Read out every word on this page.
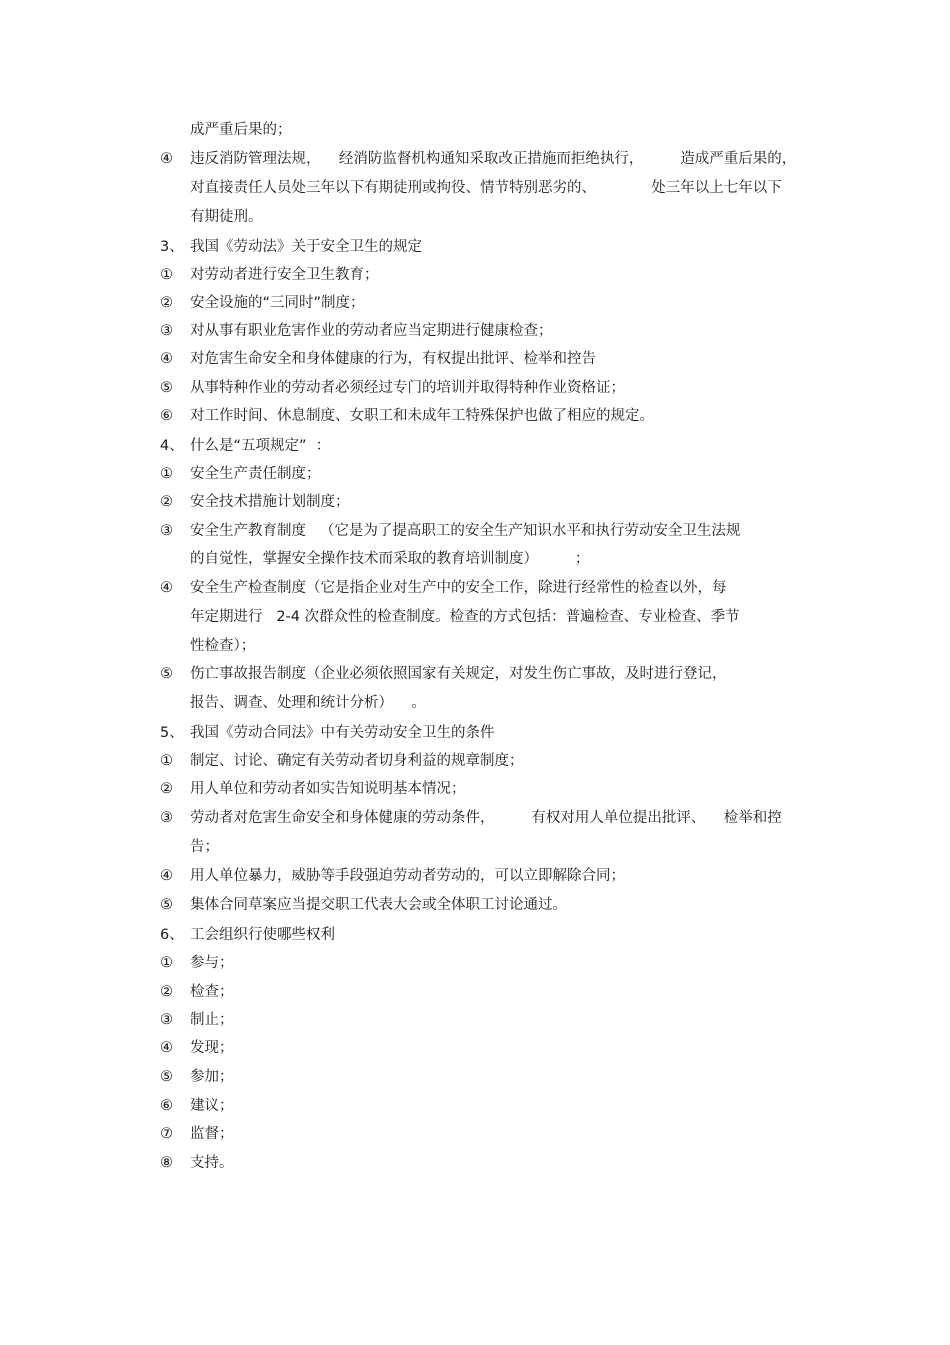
成严重后果的；
④ 违反消防管理法规，    经消防监督机构通知采取改正措施而拒绝执行，        造成严重后果的，
对直接责任人员处三年以下有期徒刑或拘役、情节特别恶劣的、            处三年以上七年以下
有期徒刑。
3、 我国《劳动法》关于安全卫生的规定
① 对劳动者进行安全卫生教育；
② 安全设施的“三同时”制度；
③ 对从事有职业危害作业的劳动者应当定期进行健康检查；
④ 对危害生命安全和身体健康的行为，有权提出批评、检举和控告
⑤ 从事特种作业的劳动者必须经过专门的培训并取得特种作业资格证；
⑥ 对工作时间、休息制度、女职工和未成年工特殊保护也做了相应的规定。
4、 什么是“五项规定”  ：
① 安全生产责任制度；
② 安全技术措施计划制度；
③ 安全生产教育制度   （它是为了提高职工的安全生产知识水平和执行劳动安全卫生法规
的自觉性，掌握安全操作技术而采取的教育培训制度）        ；
④ 安全生产检查制度（它是指企业对生产中的安全工作，除进行经常性的检查以外，每
年定期进行   2-4 次群众性的检查制度。检查的方式包括：普遍检查、专业检查、季节
性检查）；
⑤ 伤亡事故报告制度（企业必须依照国家有关规定，对发生伤亡事故，及时进行登记，
报告、调查、处理和统计分析）    。
5、 我国《劳动合同法》中有关劳动安全卫生的条件
① 制定、讨论、确定有关劳动者切身利益的规章制度；
② 用人单位和劳动者如实告知说明基本情况；
③ 劳动者对危害生命安全和身体健康的劳动条件，        有权对用人单位提出批评、    检举和控
告；
④ 用人单位暴力，威胁等手段强迫劳动者劳动的，可以立即解除合同；
⑤ 集体合同草案应当提交职工代表大会或全体职工讨论通过。
6、 工会组织行使哪些权利
① 参与；
② 检查；
③ 制止；
④ 发现；
⑤ 参加；
⑥ 建议；
⑦ 监督；
⑧ 支持。
